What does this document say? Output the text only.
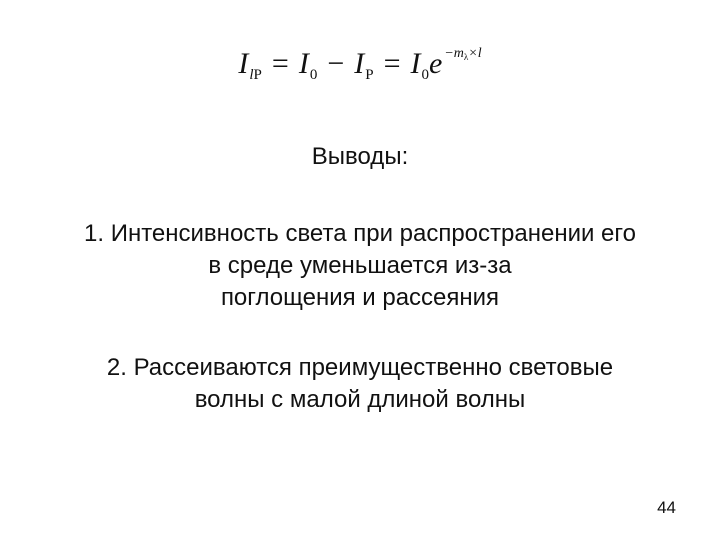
$I_{lP} = I_0 - I_P = I_0e$ $^{-m_\lambda\times l}$
Выводы:
1. Интенсивность света при распространении его
в среде уменьшается из-за
поглощения и рассеяния
2. Рассеиваются преимущественно световые
волны с малой длиной волны
44
